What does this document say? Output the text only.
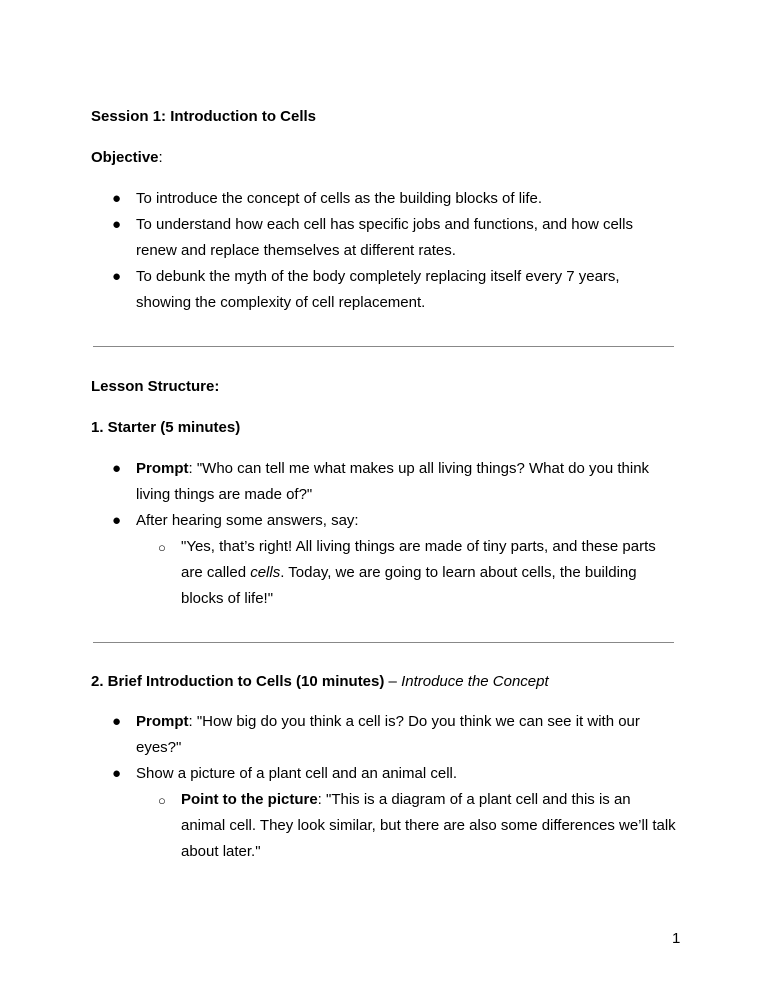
Session 1: Introduction to Cells
Objective:
● To introduce the concept of cells as the building blocks of life.
● To understand how each cell has specific jobs and functions, and how cells
renew and replace themselves at different rates.
● To debunk the myth of the body completely replacing itself every 7 years,
showing the complexity of cell replacement.
Lesson Structure:
1. Starter (5 minutes)
● Prompt: "Who can tell me what makes up all living things? What do you think
living things are made of?"
● After hearing some answers, say:
○ "Yes, that’s right! All living things are made of tiny parts, and these parts
are called cells. Today, we are going to learn about cells, the building
blocks of life!"
2. Brief Introduction to Cells (10 minutes) – Introduce the Concept
● Prompt: "How big do you think a cell is? Do you think we can see it with our
eyes?"
● Show a picture of a plant cell and an animal cell.
○ Point to the picture: "This is a diagram of a plant cell and this is an
animal cell. They look similar, but there are also some differences we’ll talk
about later."
1
